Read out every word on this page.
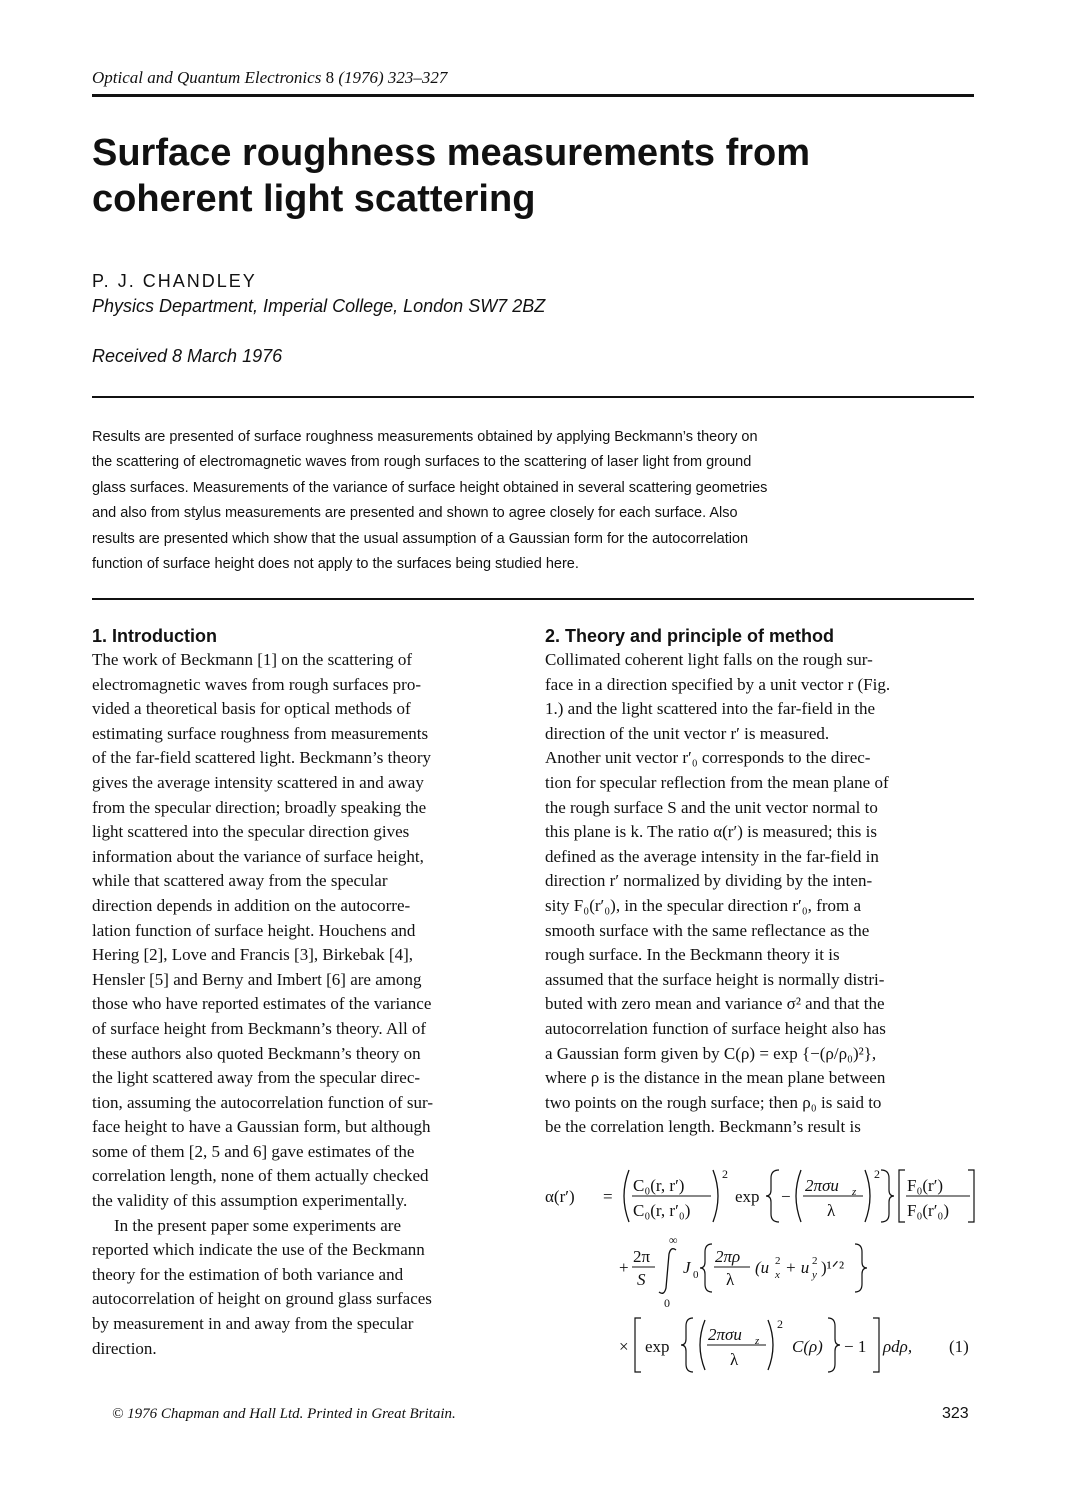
Optical and Quantum Electronics 8 (1976) 323–327
Surface roughness measurements from
coherent light scattering
P. J. CHANDLEY
Physics Department, Imperial College, London SW7 2BZ
Received 8 March 1976
Results are presented of surface roughness measurements obtained by applying Beckmann’s theory on
the scattering of electromagnetic waves from rough surfaces to the scattering of laser light from ground
glass surfaces. Measurements of the variance of surface height obtained in several scattering geometries
and also from stylus measurements are presented and shown to agree closely for each surface. Also
results are presented which show that the usual assumption of a Gaussian form for the autocorrelation
function of surface height does not apply to the surfaces being studied here.
1. Introduction
The work of Beckmann [1] on the scattering of
electromagnetic waves from rough surfaces pro-
vided a theoretical basis for optical methods of
estimating surface roughness from measurements
of the far-field scattered light. Beckmann’s theory
gives the average intensity scattered in and away
from the specular direction; broadly speaking the
light scattered into the specular direction gives
information about the variance of surface height,
while that scattered away from the specular
direction depends in addition on the autocorre-
lation function of surface height. Houchens and
Hering [2], Love and Francis [3], Birkebak [4],
Hensler [5] and Berny and Imbert [6] are among
those who have reported estimates of the variance
of surface height from Beckmann’s theory. All of
these authors also quoted Beckmann’s theory on
the light scattered away from the specular direc-
tion, assuming the autocorrelation function of sur-
face height to have a Gaussian form, but although
some of them [2, 5 and 6] gave estimates of the
correlation length, none of them actually checked
the validity of this assumption experimentally.
In the present paper some experiments are
reported which indicate the use of the Beckmann
theory for the estimation of both variance and
autocorrelation of height on ground glass surfaces
by measurement in and away from the specular
direction.
2. Theory and principle of method
Collimated coherent light falls on the rough sur-
face in a direction specified by a unit vector r (Fig.
1.) and the light scattered into the far-field in the
direction of the unit vector r′ is measured.
Another unit vector r′₀ corresponds to the direc-
tion for specular reflection from the mean plane of
the rough surface S and the unit vector normal to
this plane is k. The ratio α(r′) is measured; this is
defined as the average intensity in the far-field in
direction r′ normalized by dividing by the inten-
sity F₀(r′₀), in the specular direction r′₀, from a
smooth surface with the same reflectance as the
rough surface. In the Beckmann theory it is
assumed that the surface height is normally distri-
buted with zero mean and variance σ² and that the
autocorrelation function of surface height also has
a Gaussian form given by C(ρ) = exp {−(ρ/ρ₀)²},
where ρ is the distance in the mean plane between
two points on the rough surface; then ρ₀ is said to
be the correlation length. Beckmann’s result is
α(r′) =
C₀(r, r′)
C₀(r, r′₀)
2
exp −
2πσu z
λ
2
F₀(r′)
F₀(r′₀)
+
2π
S
∞
0
J 0
2πρ
λ
(u x
2 + u y
2 )¹ᐟ²
× exp
2πσu z
λ
2
C(ρ) − 1 ρdρ, (1)
© 1976 Chapman and Hall Ltd. Printed in Great Britain.	323
